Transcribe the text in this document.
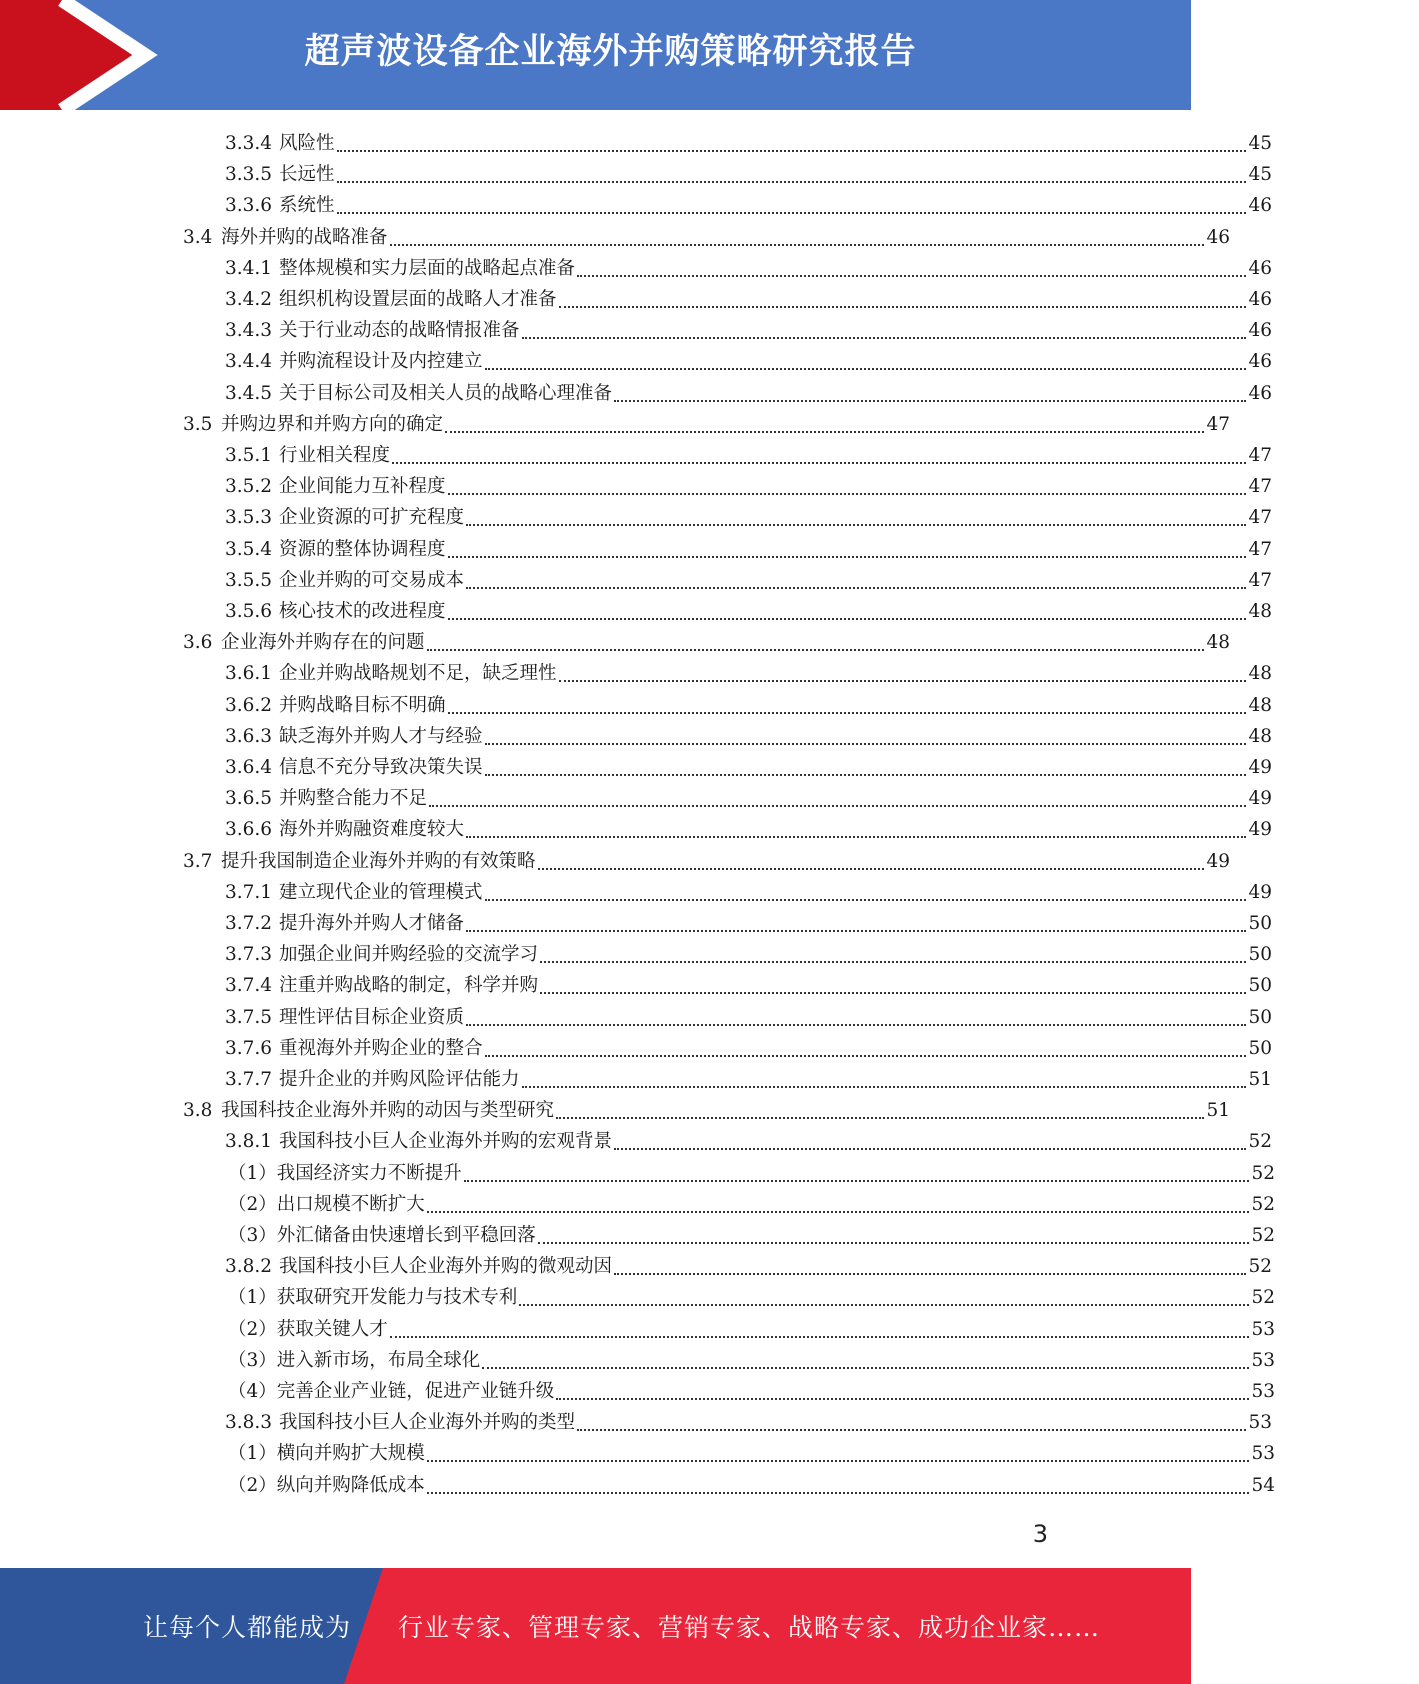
超声波设备企业海外并购策略研究报告
3.3.4 风险性	45
3.3.5 长远性	45
3.3.6 系统性	46
3.4 海外并购的战略准备	46
3.4.1 整体规模和实力层面的战略起点准备	46
3.4.2 组织机构设置层面的战略人才准备	46
3.4.3 关于行业动态的战略情报准备	46
3.4.4 并购流程设计及内控建立	46
3.4.5 关于目标公司及相关人员的战略心理准备	46
3.5 并购边界和并购方向的确定	47
3.5.1 行业相关程度	47
3.5.2 企业间能力互补程度	47
3.5.3 企业资源的可扩充程度	47
3.5.4 资源的整体协调程度	47
3.5.5 企业并购的可交易成本	47
3.5.6 核心技术的改进程度	48
3.6 企业海外并购存在的问题	48
3.6.1 企业并购战略规划不足，缺乏理性	48
3.6.2 并购战略目标不明确	48
3.6.3 缺乏海外并购人才与经验	48
3.6.4 信息不充分导致决策失误	49
3.6.5 并购整合能力不足	49
3.6.6 海外并购融资难度较大	49
3.7 提升我国制造企业海外并购的有效策略	49
3.7.1 建立现代企业的管理模式	49
3.7.2 提升海外并购人才储备	50
3.7.3 加强企业间并购经验的交流学习	50
3.7.4 注重并购战略的制定，科学并购	50
3.7.5 理性评估目标企业资质	50
3.7.6 重视海外并购企业的整合	50
3.7.7 提升企业的并购风险评估能力	51
3.8 我国科技企业海外并购的动因与类型研究	51
3.8.1 我国科技小巨人企业海外并购的宏观背景	52
（1）我国经济实力不断提升	52
（2）出口规模不断扩大	52
（3）外汇储备由快速增长到平稳回落	52
3.8.2 我国科技小巨人企业海外并购的微观动因	52
（1）获取研究开发能力与技术专利	52
（2）获取关键人才	53
（3）进入新市场，布局全球化	53
（4）完善企业产业链，促进产业链升级	53
3.8.3 我国科技小巨人企业海外并购的类型	53
（1）横向并购扩大规模	53
（2）纵向并购降低成本	54
3
让每个人都能成为 行业专家、管理专家、营销专家、战略专家、成功企业家……
